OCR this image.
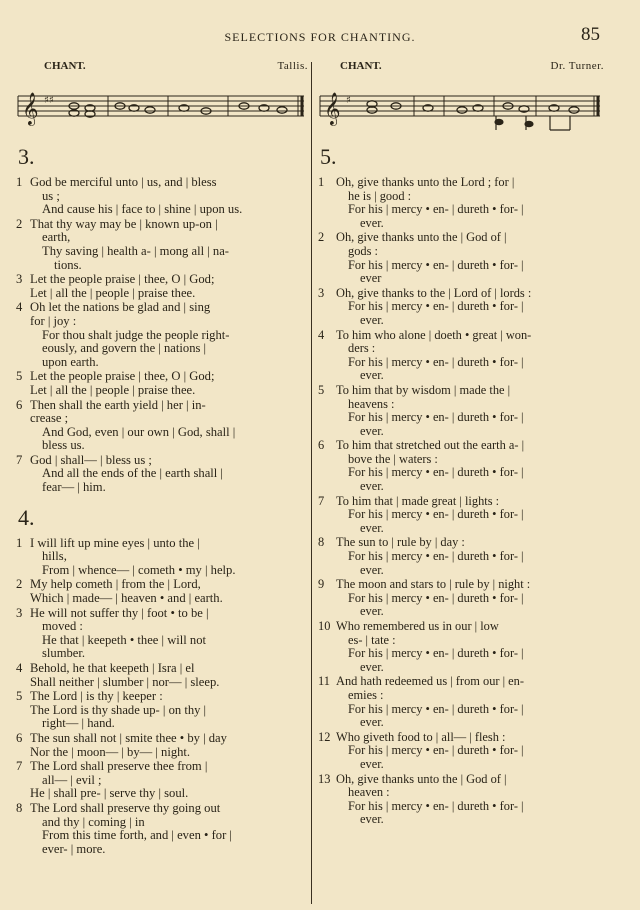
SELECTIONS FOR CHANTING.	85
CHANT.	Tallis.
𝄞 ♯♯
3.
1 God be merciful unto | us, and | bless
us ;
And cause his | face to | shine | upon us.
2 That thy way may be | known up-on |
earth,
Thy saving | health a- | mong all | na-
tions.
3 Let the people praise | thee, O | God;
Let | all the | people | praise thee.
4 Oh let the nations be glad and | sing
for | joy :
For thou shalt judge the people right-
eously, and govern the | nations |
upon earth.
5 Let the people praise | thee, O | God;
Let | all the | people | praise thee.
6 Then shall the earth yield | her | in-
crease ;
And God, even | our own | God, shall |
bless us.
7 God | shall— | bless us ;
And all the ends of the | earth shall |
fear— | him.
4.
1 I will lift up mine eyes | unto the |
hills,
From | whence— | cometh • my | help.
2 My help cometh | from the | Lord,
Which | made— | heaven • and | earth.
3 He will not suffer thy | foot • to be |
moved :
He that | keepeth • thee | will not
slumber.
4 Behold, he that keepeth | Isra | el
Shall neither | slumber | nor— | sleep.
5 The Lord | is thy | keeper :
The Lord is thy shade up- | on thy |
right— | hand.
6 The sun shall not | smite thee • by | day
Nor the | moon— | by— | night.
7 The Lord shall preserve thee from |
all— | evil ;
He | shall pre- | serve thy | soul.
8 The Lord shall preserve thy going out
and thy | coming | in
From this time forth, and | even • for |
ever- | more.
CHANT.	Dr. Turner.
𝄞 ♯
5.
1 Oh, give thanks unto the Lord ; for |
he is | good :
For his | mercy • en- | dureth • for- |
ever.
2 Oh, give thanks unto the | God of |
gods :
For his | mercy • en- | dureth • for- |
ever
3 Oh, give thanks to the | Lord of | lords :
For his | mercy • en- | dureth • for- |
ever.
4 To him who alone | doeth • great | won-
ders :
For his | mercy • en- | dureth • for- |
ever.
5 To him that by wisdom | made the |
heavens :
For his | mercy • en- | dureth • for- |
ever.
6 To him that stretched out the earth a- |
bove the | waters :
For his | mercy • en- | dureth • for- |
ever.
7 To him that | made great | lights :
For his | mercy • en- | dureth • for- |
ever.
8 The sun to | rule by | day :
For his | mercy • en- | dureth • for- |
ever.
9 The moon and stars to | rule by | night :
For his | mercy • en- | dureth • for- |
ever.
10 Who remembered us in our | low
es- | tate :
For his | mercy • en- | dureth • for- |
ever.
11 And hath redeemed us | from our | en-
emies :
For his | mercy • en- | dureth • for- |
ever.
12 Who giveth food to | all— | flesh :
For his | mercy • en- | dureth • for- |
ever.
13 Oh, give thanks unto the | God of |
heaven :
For his | mercy • en- | dureth • for- |
ever.
